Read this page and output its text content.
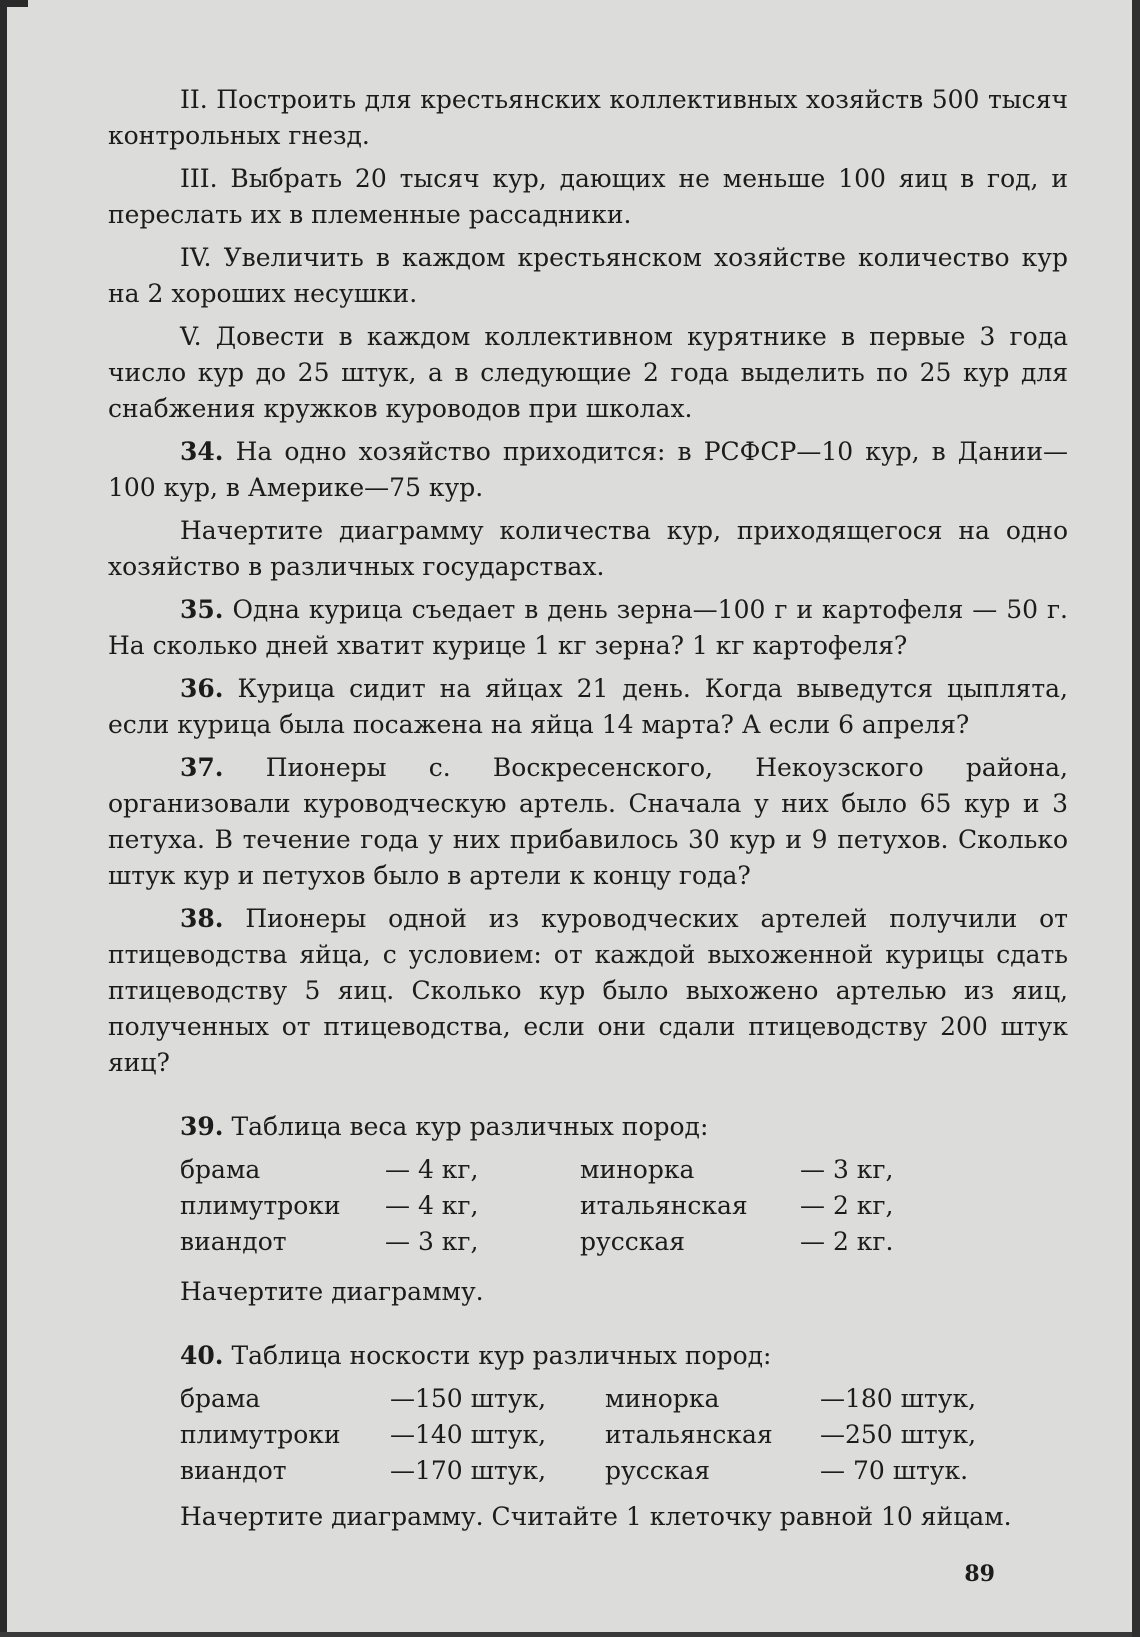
II. Построить для крестьянских коллективных хозяйств 500 тысяч контрольных гнезд.

III. Выбрать 20 тысяч кур, дающих не меньше 100 яиц в год, и переслать их в племенные рассадники.

IV. Увеличить в каждом крестьянском хозяйстве количество кур на 2 хороших несушки.

V. Довести в каждом коллективном курятнике в первые 3 года число кур до 25 штук, а в следующие 2 года выделить по 25 кур для снабжения кружков куроводов при школах.

34. На одно хозяйство приходится: в РСФСР—10 кур, в Дании—100 кур, в Америке—75 кур.

Начертите диаграмму количества кур, приходящегося на одно хозяйство в различных государствах.

35. Одна курица съедает в день зерна—100 г и картофеля — 50 г. На сколько дней хватит курице 1 кг зерна? 1 кг картофеля?

36. Курица сидит на яйцах 21 день. Когда выведутся цыплята, если курица была посажена на яйца 14 марта? А если 6 апреля?

37. Пионеры с. Воскресенского, Некоузского района, организовали куроводческую артель. Сначала у них было 65 кур и 3 петуха. В течение года у них прибавилось 30 кур и 9 петухов. Сколько штук кур и петухов было в артели к концу года?

38. Пионеры одной из куроводческих артелей получили от птицеводства яйца, с условием: от каждой выхоженной курицы сдать птицеводству 5 яиц. Сколько кур было выхожено артелью из яиц, полученных от птицеводства, если они сдали птицеводству 200 штук яиц?

39. Таблица веса кур различных пород:

брама	— 4 кг,	минорка	— 3 кг,
плимутроки	— 4 кг,	итальянская	— 2 кг,
виандот	— 3 кг,	русская	— 2 кг.

Начертите диаграмму.

40. Таблица носкости кур различных пород:

брама	—150 штук,	минорка	—180 штук,
плимутроки	—140 штук,	итальянская	—250 штук,
виандот	—170 штук,	русская	— 70 штук.

Начертите диаграмму. Считайте 1 клеточку равной 10 яйцам.

89
